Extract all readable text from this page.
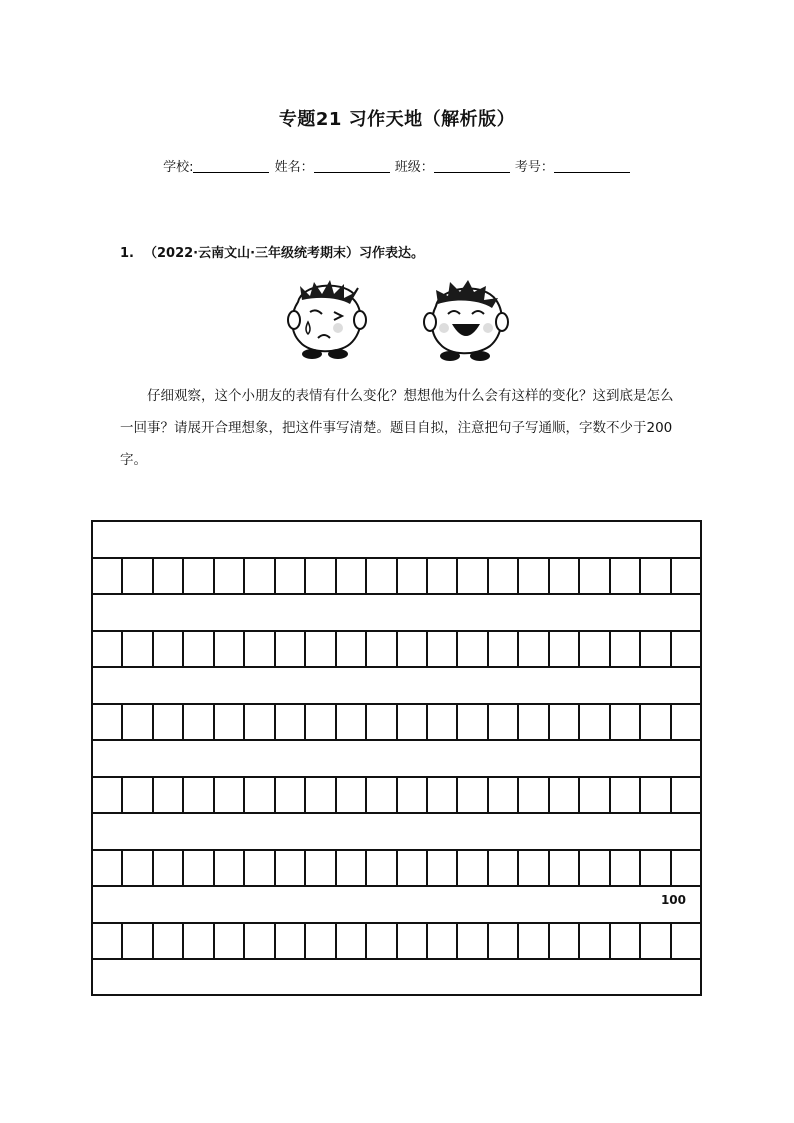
专题21 习作天地（解析版）
学校:	姓名：	班级：	考号：
1. （2022·云南文山·三年级统考期末）习作表达。
仔细观察，这个小朋友的表情有什么变化？想想他为什么会有这样的变化？这到底是怎么一回事？请展开合理想象，把这件事写清楚。题目自拟，注意把句子写通顺，字数不少于200字。
100
